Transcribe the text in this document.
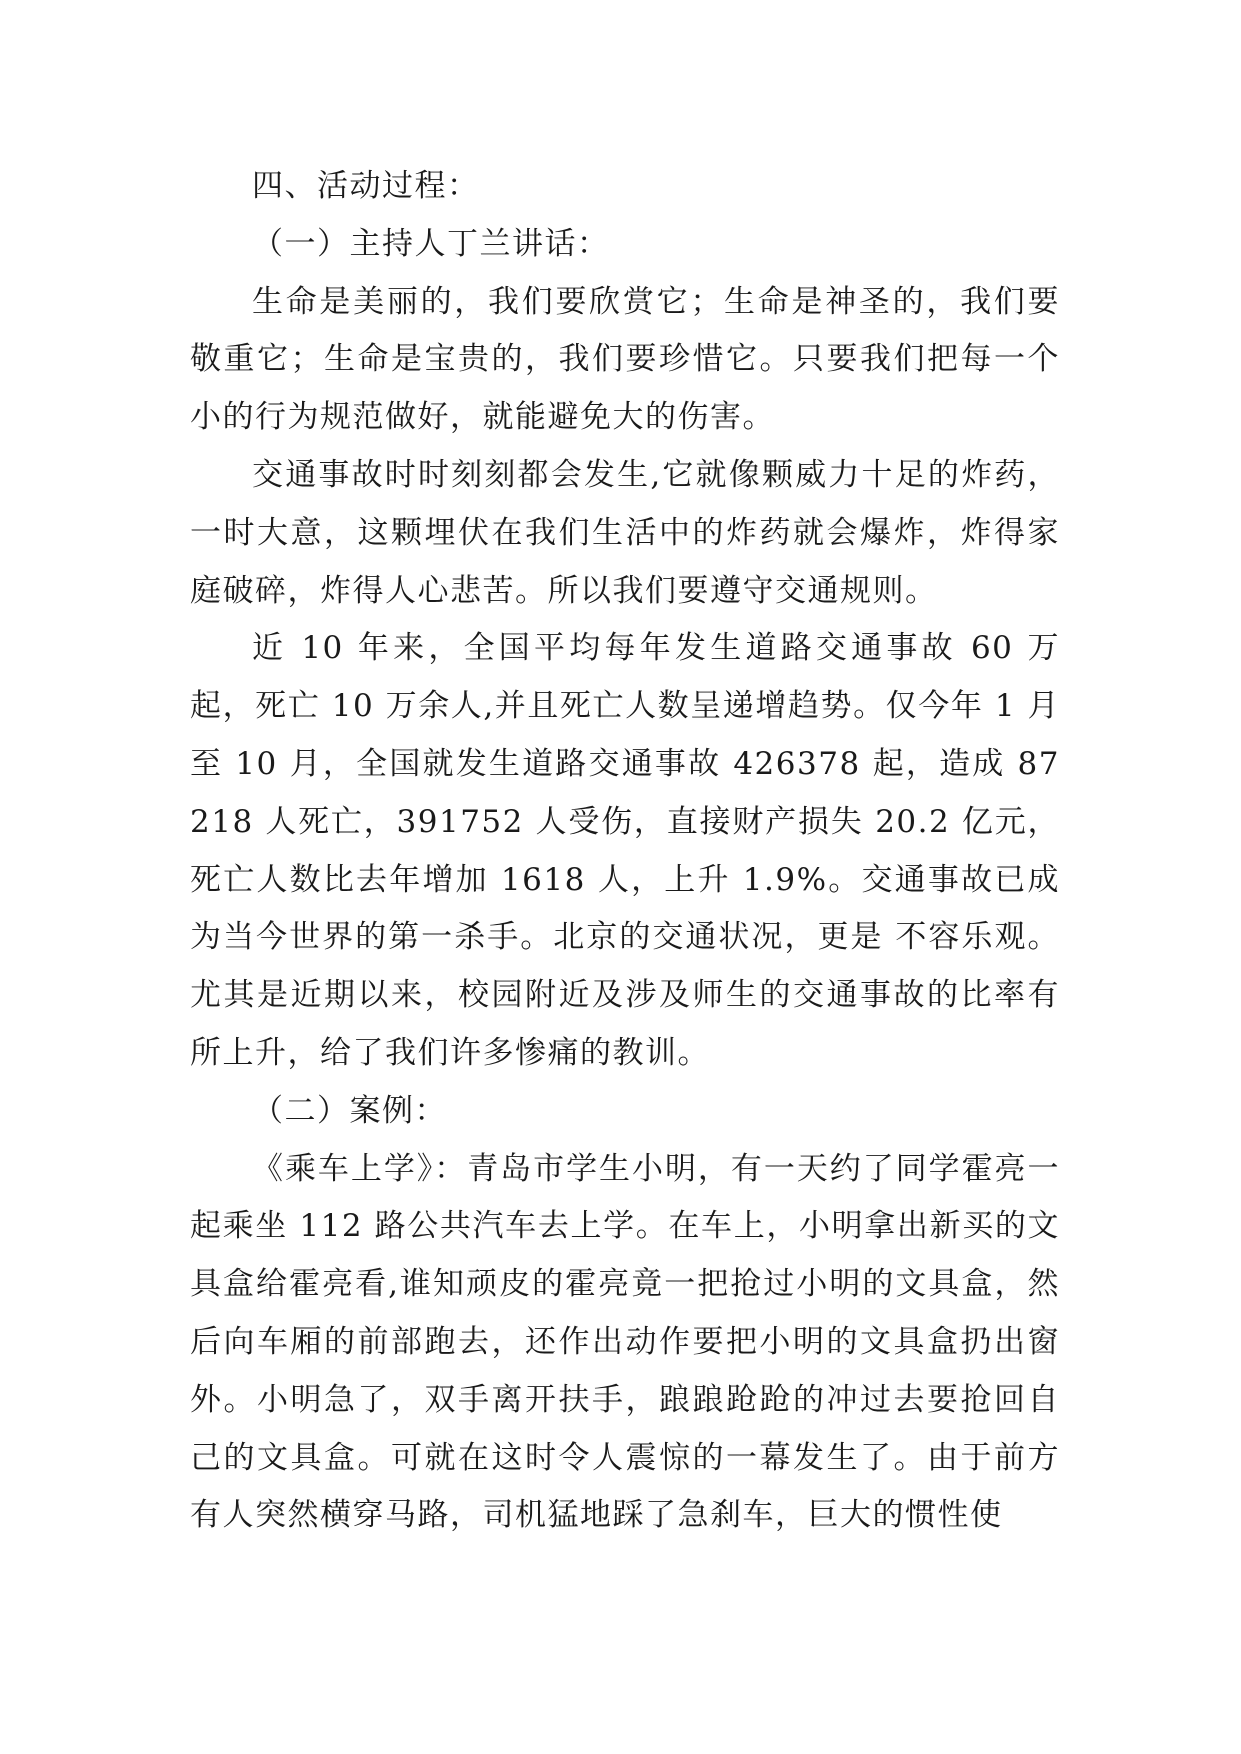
四、活动过程：

（一）主持人丁兰讲话：

生命是美丽的，我们要欣赏它；生命是神圣的，我们要敬重它；生命是宝贵的，我们要珍惜它。只要我们把每一个小的行为规范做好，就能避免大的伤害。

交通事故时时刻刻都会发生,它就像颗威力十足的炸药，一时大意，这颗埋伏在我们生活中的炸药就会爆炸，炸得家庭破碎，炸得人心悲苦。所以我们要遵守交通规则。

近 10 年来，全国平均每年发生道路交通事故 60 万起，死亡 10 万余人,并且死亡人数呈递增趋势。仅今年 1 月至 10 月，全国就发生道路交通事故 426378 起，造成 87218 人死亡，391752 人受伤，直接财产损失 20.2 亿元，死亡人数比去年增加 1618 人，上升 1.9%。交通事故已成为当今世界的第一杀手。北京的交通状况，更是 不容乐观。尤其是近期以来，校园附近及涉及师生的交通事故的比率有所上升，给了我们许多惨痛的教训。

（二）案例：

《乘车上学》：青岛市学生小明，有一天约了同学霍亮一起乘坐 112 路公共汽车去上学。在车上，小明拿出新买的文具盒给霍亮看,谁知顽皮的霍亮竟一把抢过小明的文具盒，然后向车厢的前部跑去，还作出动作要把小明的文具盒扔出窗外。小明急了，双手离开扶手，踉踉跄跄的冲过去要抢回自己的文具盒。可就在这时令人震惊的一幕发生了。由于前方有人突然横穿马路，司机猛地踩了急刹车，巨大的惯性使
